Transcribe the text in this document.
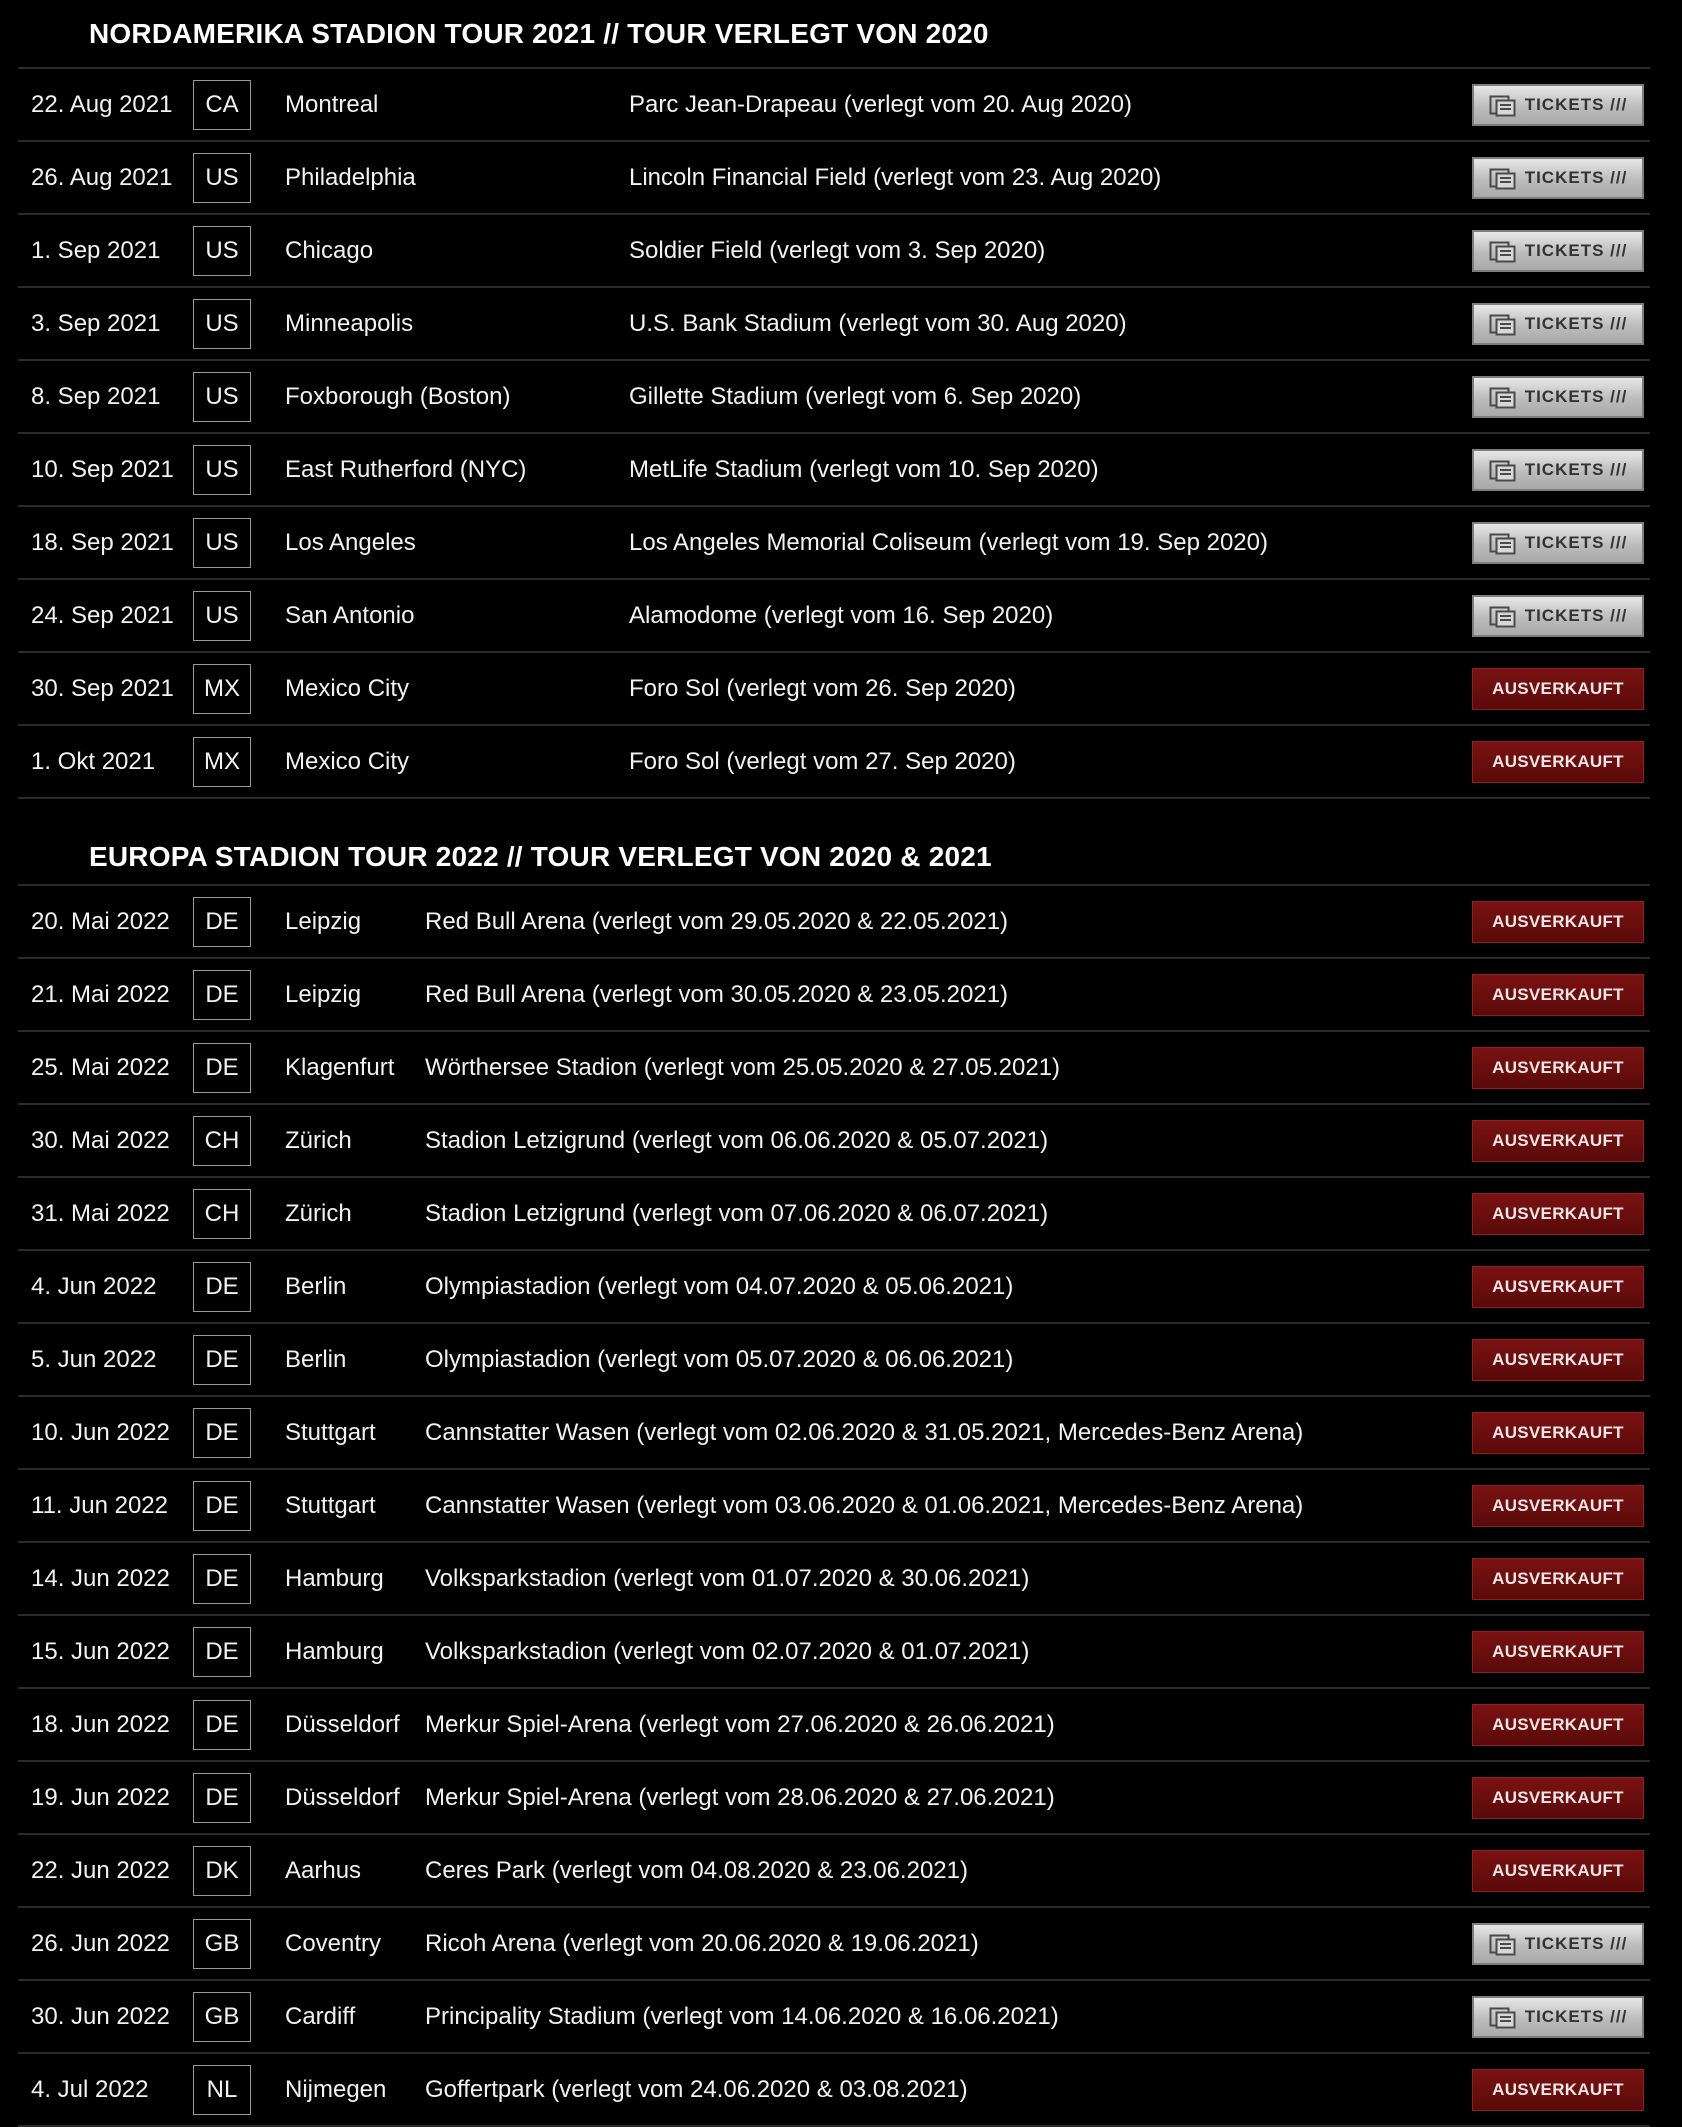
NORDAMERIKA STADION TOUR 2021 // TOUR VERLEGT VON 2020
22. Aug 2021	CA	Montreal	Parc Jean-Drapeau (verlegt vom 20. Aug 2020)	TICKETS ///
26. Aug 2021	US	Philadelphia	Lincoln Financial Field (verlegt vom 23. Aug 2020)	TICKETS ///
1. Sep 2021	US	Chicago	Soldier Field (verlegt vom 3. Sep 2020)	TICKETS ///
3. Sep 2021	US	Minneapolis	U.S. Bank Stadium (verlegt vom 30. Aug 2020)	TICKETS ///
8. Sep 2021	US	Foxborough (Boston)	Gillette Stadium (verlegt vom 6. Sep 2020)	TICKETS ///
10. Sep 2021	US	East Rutherford (NYC)	MetLife Stadium (verlegt vom 10. Sep 2020)	TICKETS ///
18. Sep 2021	US	Los Angeles	Los Angeles Memorial Coliseum (verlegt vom 19. Sep 2020)	TICKETS ///
24. Sep 2021	US	San Antonio	Alamodome (verlegt vom 16. Sep 2020)	TICKETS ///
30. Sep 2021	MX	Mexico City	Foro Sol (verlegt vom 26. Sep 2020)	AUSVERKAUFT
1. Okt 2021	MX	Mexico City	Foro Sol (verlegt vom 27. Sep 2020)	AUSVERKAUFT
EUROPA STADION TOUR 2022 // TOUR VERLEGT VON 2020 & 2021
20. Mai 2022	DE	Leipzig	Red Bull Arena (verlegt vom 29.05.2020 & 22.05.2021)	AUSVERKAUFT
21. Mai 2022	DE	Leipzig	Red Bull Arena (verlegt vom 30.05.2020 & 23.05.2021)	AUSVERKAUFT
25. Mai 2022	DE	Klagenfurt	Wörthersee Stadion (verlegt vom 25.05.2020 & 27.05.2021)	AUSVERKAUFT
30. Mai 2022	CH	Zürich	Stadion Letzigrund (verlegt vom 06.06.2020 & 05.07.2021)	AUSVERKAUFT
31. Mai 2022	CH	Zürich	Stadion Letzigrund (verlegt vom 07.06.2020 & 06.07.2021)	AUSVERKAUFT
4. Jun 2022	DE	Berlin	Olympiastadion (verlegt vom 04.07.2020 & 05.06.2021)	AUSVERKAUFT
5. Jun 2022	DE	Berlin	Olympiastadion (verlegt vom 05.07.2020 & 06.06.2021)	AUSVERKAUFT
10. Jun 2022	DE	Stuttgart	Cannstatter Wasen (verlegt vom 02.06.2020 & 31.05.2021, Mercedes-Benz Arena)	AUSVERKAUFT
11. Jun 2022	DE	Stuttgart	Cannstatter Wasen (verlegt vom 03.06.2020 & 01.06.2021, Mercedes-Benz Arena)	AUSVERKAUFT
14. Jun 2022	DE	Hamburg	Volksparkstadion (verlegt vom 01.07.2020 & 30.06.2021)	AUSVERKAUFT
15. Jun 2022	DE	Hamburg	Volksparkstadion (verlegt vom 02.07.2020 & 01.07.2021)	AUSVERKAUFT
18. Jun 2022	DE	Düsseldorf	Merkur Spiel-Arena (verlegt vom 27.06.2020 & 26.06.2021)	AUSVERKAUFT
19. Jun 2022	DE	Düsseldorf	Merkur Spiel-Arena (verlegt vom 28.06.2020 & 27.06.2021)	AUSVERKAUFT
22. Jun 2022	DK	Aarhus	Ceres Park (verlegt vom 04.08.2020 & 23.06.2021)	AUSVERKAUFT
26. Jun 2022	GB	Coventry	Ricoh Arena (verlegt vom 20.06.2020 & 19.06.2021)	TICKETS ///
30. Jun 2022	GB	Cardiff	Principality Stadium (verlegt vom 14.06.2020 & 16.06.2021)	TICKETS ///
4. Jul 2022	NL	Nijmegen	Goffertpark (verlegt vom 24.06.2020 & 03.08.2021)	AUSVERKAUFT
